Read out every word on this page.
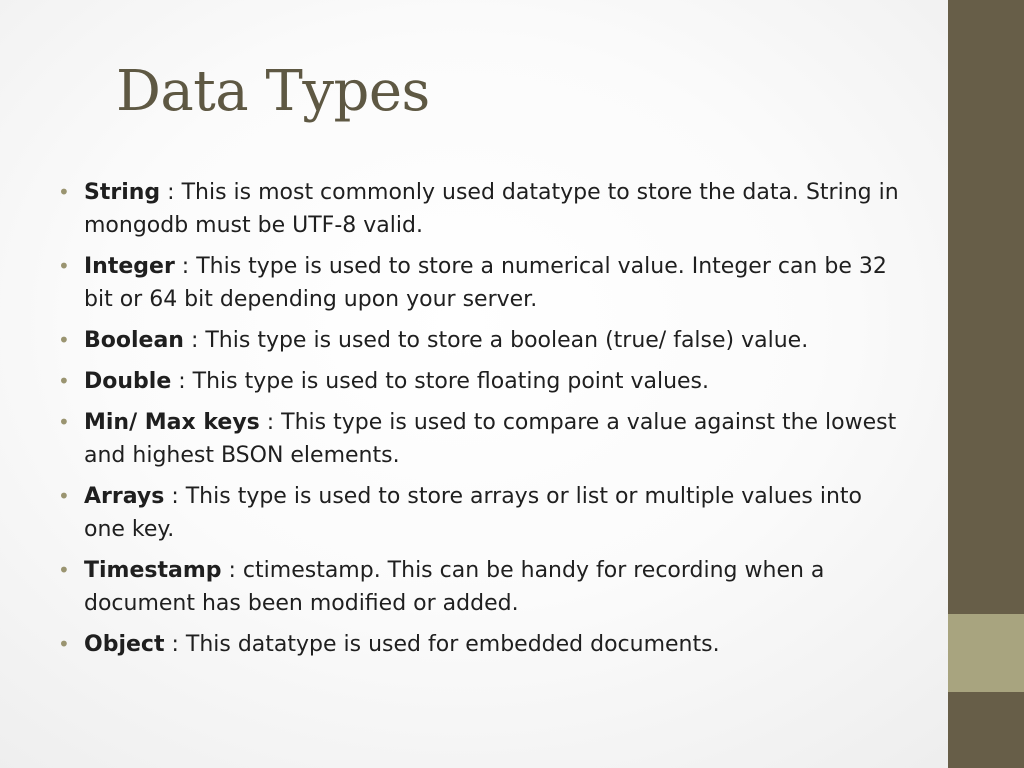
Data Types
• String : This is most commonly used datatype to store the data. String in mongodb must be UTF-8 valid.
• Integer : This type is used to store a numerical value. Integer can be 32 bit or 64 bit depending upon your server.
• Boolean : This type is used to store a boolean (true/ false) value.
• Double : This type is used to store floating point values.
• Min/ Max keys : This type is used to compare a value against the lowest and highest BSON elements.
• Arrays : This type is used to store arrays or list or multiple values into one key.
• Timestamp : ctimestamp. This can be handy for recording when a document has been modified or added.
• Object : This datatype is used for embedded documents.
